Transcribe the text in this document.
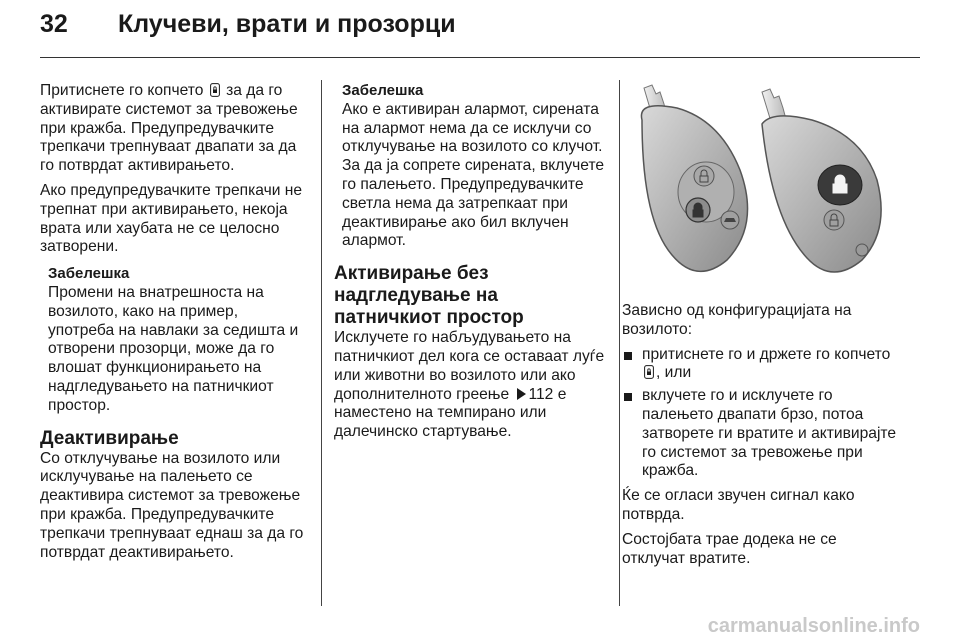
32 Клучеви, врати и прозорци

Притиснете го копчето за да го активирате системот за тревожење при кражба. Предупредувачките трепкачи трепнуваат двапати за да го потврдат активирањето.

Ако предупредувачките трепкачи не трепнат при активирањето, некоја врата или хаубата не се целосно затворени.

Забелешка
Промени на внатрешноста на возилото, како на пример, употреба на навлаки за седишта и отворени прозорци, може да го влошат функционирањето на надгледувањето на патничкиот простор.
Деактивирање

Со отклучување на возилото или исклучување на палењето се деактивира системот за тревожење при кражба. Предупредувачките трепкачи трепнуваат еднаш за да го потврдат деактивирањето.

Забелешка
Ако е активиран алармот, сирената на алармот нема да се исклучи со отклучување на возилото со клучот. За да ја сопрете сирената, вклучете го палењето. Предупредувачките светла нема да затрепкаат при деактивирање ако бил вклучен алармот.
Активирање без надгледување на патничкиот простор

Исклучете го набљудувањето на патничкиот дел кога се оставаат луѓе или животни во возилото или ако дополнителното греење 112 е наместено на темпирано или далечинско стартување.

Зависно од конфигурацијата на возилото:

притиснете го и држете го копчето , или
вклучете го и исклучете го палењето двапати брзо, потоа затворете ги вратите и активирајте го системот за тревожење при кражба.

Ќе се огласи звучен сигнал како потврда.

Состојбата трае додека не се отклучат вратите.

carmanualsonline.info
